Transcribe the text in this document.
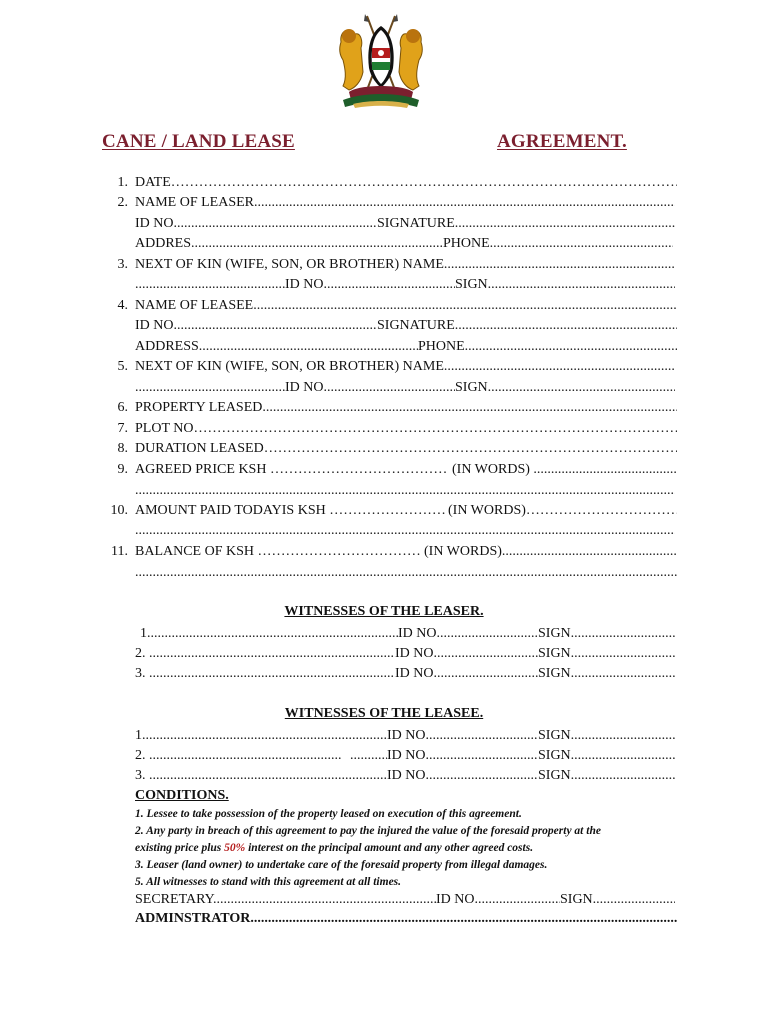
CANE / LAND LEASE	AGREEMENT.
1. DATE ………………………………………………………………………………………………………………………………………………………………
2. NAME OF LEASER .....
ID NO .....	SIGNATURE .....
ADDRES .....	PHONE .....
3. NEXT OF KIN (WIFE, SON, OR BROTHER) NAME .....
.....
ID NO .....	SIGN .....
4. NAME OF LEASEE .....
ID NO .....	SIGNATURE .....
ADDRESS .....	PHONE .....
5. NEXT OF KIN (WIFE, SON, OR BROTHER) NAME .....
.....
ID NO .....	SIGN .....
6. PROPERTY LEASED .....
7. PLOT NO ………………………………………………………………………………………………………………………………………………………………
8. DURATION LEASED ………………………………………………………………………………………………………………………………………………………………
9. AGREED PRICE KSH  ………………………………………………………………………………………………………………………………………………………………	(IN WORDS)  .....
.....
10. AMOUNT PAID TODAYIS KSH  ………………………………………………………………………………………………………………………………………………………………	(IN WORDS) ………………………………………………………………………………………………………………………………………………………………
.....
11. BALANCE OF KSH  ………………………………………………………………………………………………………………………………………………………………	(IN WORDS) .....
.....
WITNESSES OF THE LEASER.
1 .....	ID NO .....	SIGN .....
2. .....	ID NO .....	SIGN .....
3. .....	ID NO .....	SIGN .....
WITNESSES OF THE LEASEE.
1 .....	ID NO .....	SIGN .....
2. .....
.....	ID NO .....	SIGN .....
3. .....	ID NO .....	SIGN .....
CONDITIONS.
1. Lessee to take possession of the property leased on execution of this agreement.
2. Any party in breach of this agreement to pay the injured the value of the foresaid property at the
existing price plus 50% interest on the principal amount and any other agreed costs.
3. Leaser (land owner) to undertake care of the foresaid property from illegal damages.
5. All witnesses to stand with this agreement at all times.
SECRETARY .....	ID NO .....	SIGN .....
ADMINSTRATOR .....
